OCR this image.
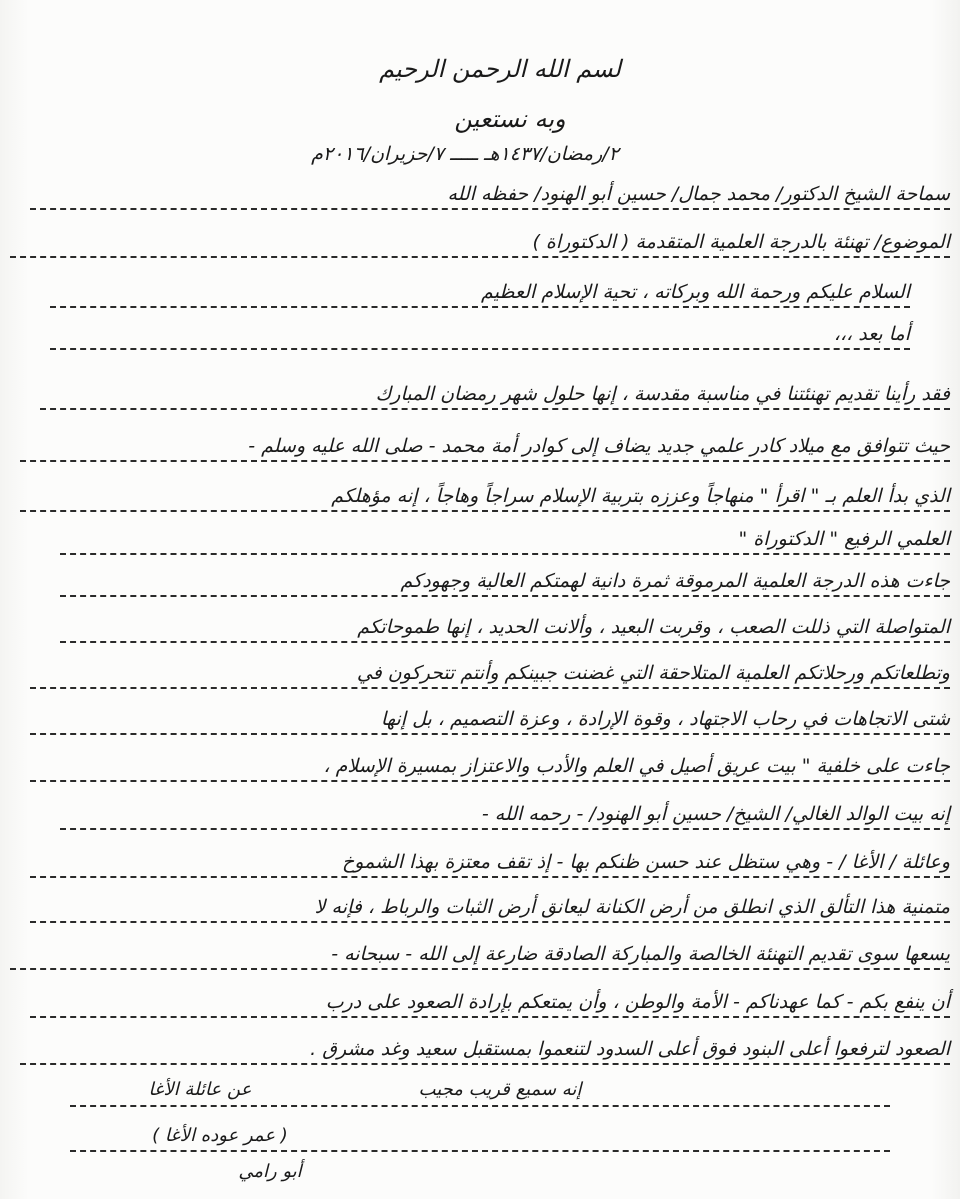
لسم الله الرحمن الرحيم
وبه نستعين
٢/رمضان/١٤٣٧هـ ـــــ ٧/حزيران/٢٠١٦م
سماحة الشيخ الدكتور/ محمد جمال/ حسين أبو الهنود/ حفظه الله
الموضوع/ تهنئة بالدرجة العلمية المتقدمة ( الدكتوراة )
السلام عليكم ورحمة الله وبركاته ، تحية الإسلام العظيم
أما بعد ،،،
فقد رأينا تقديم تهنئتنا في مناسبة مقدسة ، إنها حلول شهر رمضان المبارك
حيث تتوافق مع ميلاد كادر علمي جديد يضاف إلى كوادر أمة محمد - صلى الله عليه وسلم -
الذي بدأ العلم بـ " اقرأ " منهاجاً وعززه بتربية الإسلام سراجاً وهاجاً ، إنه مؤهلكم
العلمي الرفيع " الدكتوراة "
جاءت هذه الدرجة العلمية المرموقة ثمرة دانية لهمتكم العالية وجهودكم
المتواصلة التي ذللت الصعب ، وقربت البعيد ، وألانت الحديد ، إنها طموحاتكم
وتطلعاتكم ورحلاتكم العلمية المتلاحقة التي غضنت جبينكم وأنتم تتحركون في
شتى الاتجاهات في رحاب الاجتهاد ، وقوة الإرادة ، وعزة التصميم ، بل إنها
جاءت على خلفية " بيت عريق أصيل في العلم والأدب والاعتزاز بمسيرة الإسلام ،
إنه بيت الوالد الغالي/ الشيخ/ حسين أبو الهنود/ - رحمه الله -
وعائلة / الأغا / - وهي ستظل عند حسن ظنكم بها - إذ تقف معتزة بهذا الشموخ
متمنية هذا التألق الذي انطلق من أرض الكنانة ليعانق أرض الثبات والرباط ، فإنه لا
يسعها سوى تقديم التهنئة الخالصة والمباركة الصادقة ضارعة إلى الله - سبحانه -
أن ينفع بكم - كما عهدناكم - الأمة والوطن ، وأن يمتعكم بإرادة الصعود على درب
الصعود لترفعوا أعلى البنود فوق أعلى السدود لتنعموا بمستقبل سعيد وغد مشرق .
إنه سميع قريب مجيب
عن عائلة الأغا
( عمر عوده الأغا )
أبو رامي
